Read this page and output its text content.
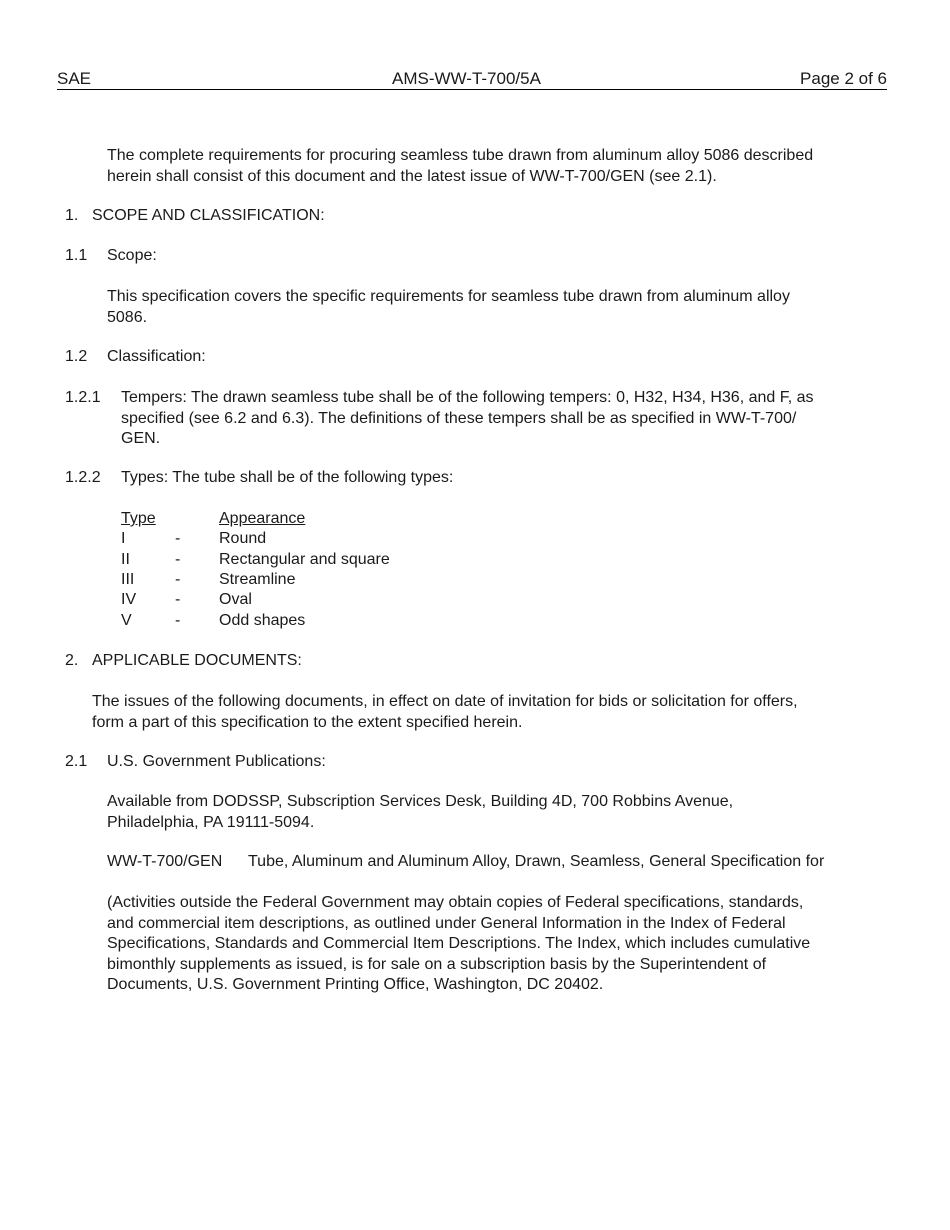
SAE	AMS-WW-T-700/5A	Page 2 of 6
The complete requirements for procuring seamless tube drawn from aluminum alloy 5086 described
herein shall consist of this document and the latest issue of WW-T-700/GEN (see 2.1).
1. SCOPE AND CLASSIFICATION:
1.1 Scope:
This specification covers the specific requirements for seamless tube drawn from aluminum alloy
5086.
1.2 Classification:
1.2.1 Tempers: The drawn seamless tube shall be of the following tempers: 0, H32, H34, H36, and F, as
specified (see 6.2 and 6.3). The definitions of these tempers shall be as specified in WW-T-700/
GEN.
1.2.2 Types: The tube shall be of the following types:
Type	Appearance
I	- Round
II	- Rectangular and square
III	- Streamline
IV - Oval
V	- Odd shapes
2. APPLICABLE DOCUMENTS:
The issues of the following documents, in effect on date of invitation for bids or solicitation for offers,
form a part of this specification to the extent specified herein.
2.1 U.S. Government Publications:
Available from DODSSP, Subscription Services Desk, Building 4D, 700 Robbins Avenue,
Philadelphia, PA 19111-5094.
WW-T-700/GEN Tube, Aluminum and Aluminum Alloy, Drawn, Seamless, General Specification for
(Activities outside the Federal Government may obtain copies of Federal specifications, standards,
and commercial item descriptions, as outlined under General Information in the Index of Federal
Specifications, Standards and Commercial Item Descriptions. The Index, which includes cumulative
bimonthly supplements as issued, is for sale on a subscription basis by the Superintendent of
Documents, U.S. Government Printing Office, Washington, DC 20402.
